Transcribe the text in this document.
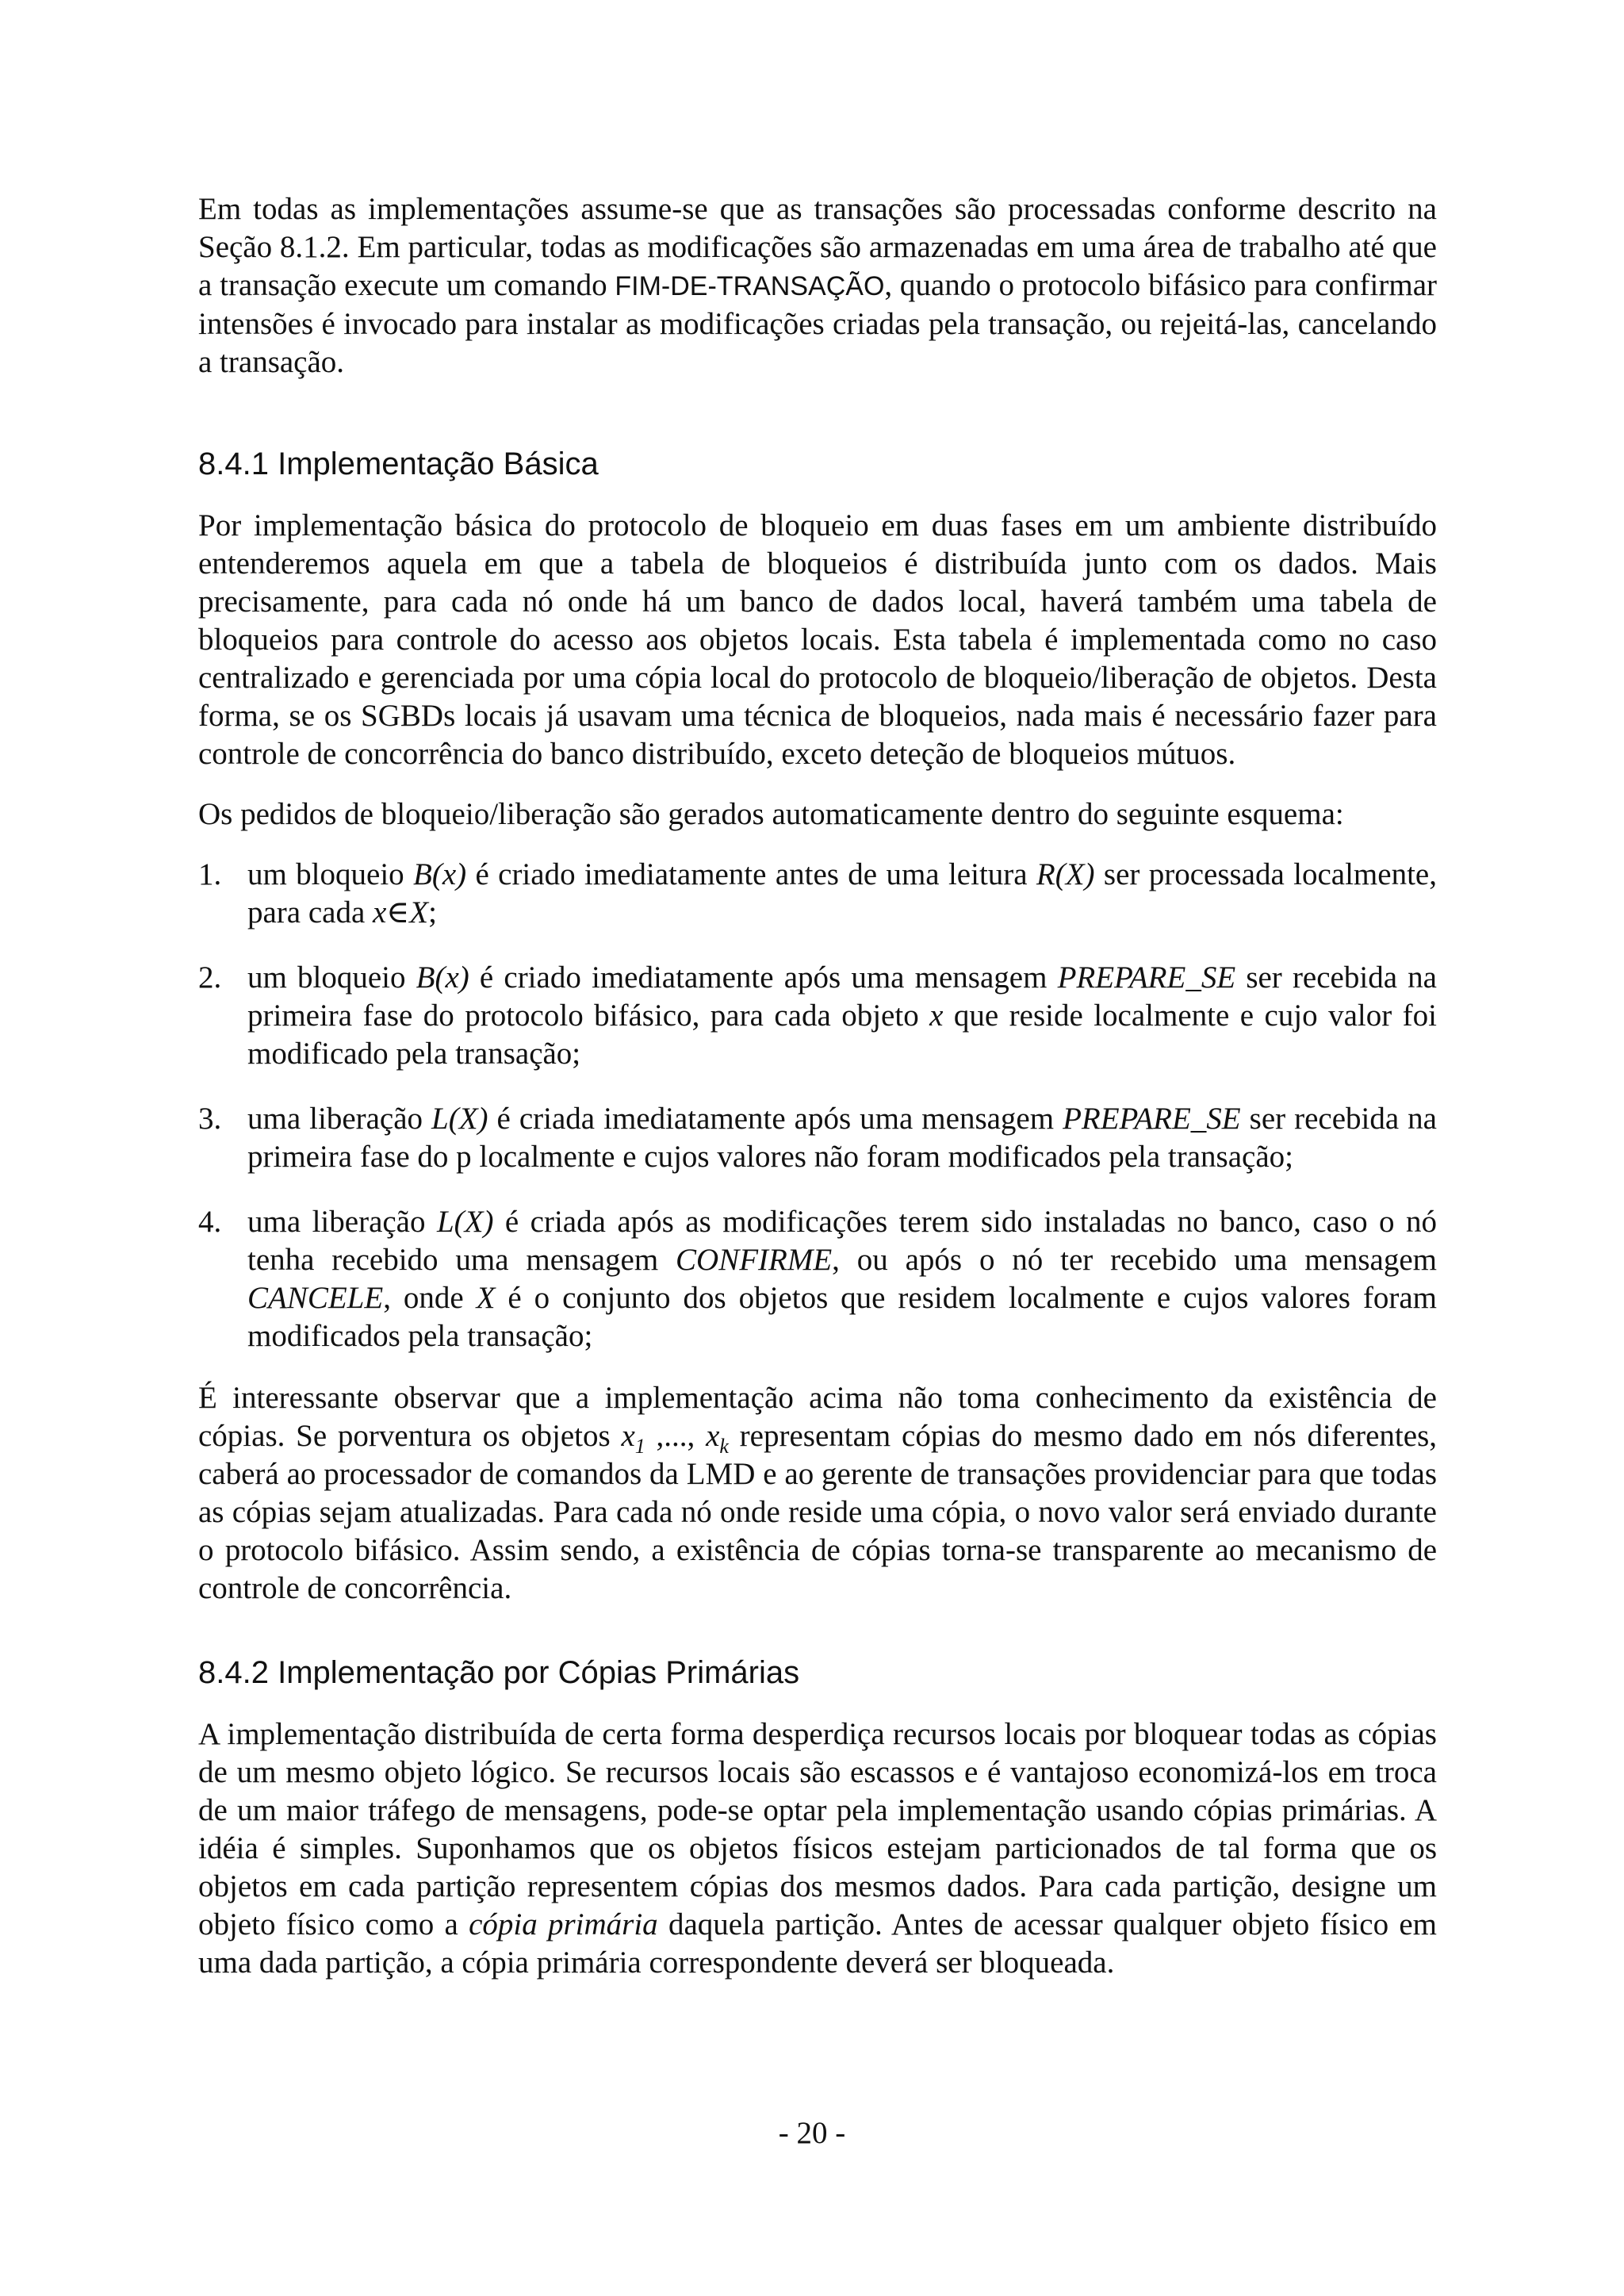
Em todas as implementações assume-se que as transações são processadas conforme descrito na Seção 8.1.2. Em particular, todas as modificações são armazenadas em uma área de trabalho até que a transação execute um comando FIM-DE-TRANSAÇÃO, quando o protocolo bifásico para confirmar intensões é invocado para instalar as modificações criadas pela transação, ou rejeitá-las, cancelando a transação.

8.4.1 Implementação Básica

Por implementação básica do protocolo de bloqueio em duas fases em um ambiente distribuído entenderemos aquela em que a tabela de bloqueios é distribuída junto com os dados. Mais precisamente, para cada nó onde há um banco de dados local, haverá também uma tabela de bloqueios para controle do acesso aos objetos locais. Esta tabela é implementada como no caso centralizado e gerenciada por uma cópia local do protocolo de bloqueio/liberação de objetos. Desta forma, se os SGBDs locais já usavam uma técnica de bloqueios, nada mais é necessário fazer para controle de concorrência do banco distribuído, exceto deteção de bloqueios mútuos.

Os pedidos de bloqueio/liberação são gerados automaticamente dentro do seguinte esquema:

1. um bloqueio B(x) é criado imediatamente antes de uma leitura R(X) ser processada localmente, para cada x∈X;
2. um bloqueio B(x) é criado imediatamente após uma mensagem PREPARE_SE ser recebida na primeira fase do protocolo bifásico, para cada objeto x que reside localmente e cujo valor foi modificado pela transação;
3. uma liberação L(X) é criada imediatamente após uma mensagem PREPARE_SE ser recebida na primeira fase do p localmente e cujos valores não foram modificados pela transação;
4. uma liberação L(X) é criada após as modificações terem sido instaladas no banco, caso o nó tenha recebido uma mensagem CONFIRME, ou após o nó ter recebido uma mensagem CANCELE, onde X é o conjunto dos objetos que residem localmente e cujos valores foram modificados pela transação;

É interessante observar que a implementação acima não toma conhecimento da existência de cópias. Se porventura os objetos $x_1$ ,..., $x_k$ representam cópias do mesmo dado em nós diferentes, caberá ao processador de comandos da LMD e ao gerente de transações providenciar para que todas as cópias sejam atualizadas. Para cada nó onde reside uma cópia, o novo valor será enviado durante o protocolo bifásico. Assim sendo, a existência de cópias torna-se transparente ao mecanismo de controle de concorrência.

8.4.2 Implementação por Cópias Primárias

A implementação distribuída de certa forma desperdiça recursos locais por bloquear todas as cópias de um mesmo objeto lógico. Se recursos locais são escassos e é vantajoso economizá-los em troca de um maior tráfego de mensagens, pode-se optar pela implementação usando cópias primárias. A idéia é simples. Suponhamos que os objetos físicos estejam particionados de tal forma que os objetos em cada partição representem cópias dos mesmos dados. Para cada partição, designe um objeto físico como a cópia primária daquela partição. Antes de acessar qualquer objeto físico em uma dada partição, a cópia primária correspondente deverá ser bloqueada.

- 20 -
